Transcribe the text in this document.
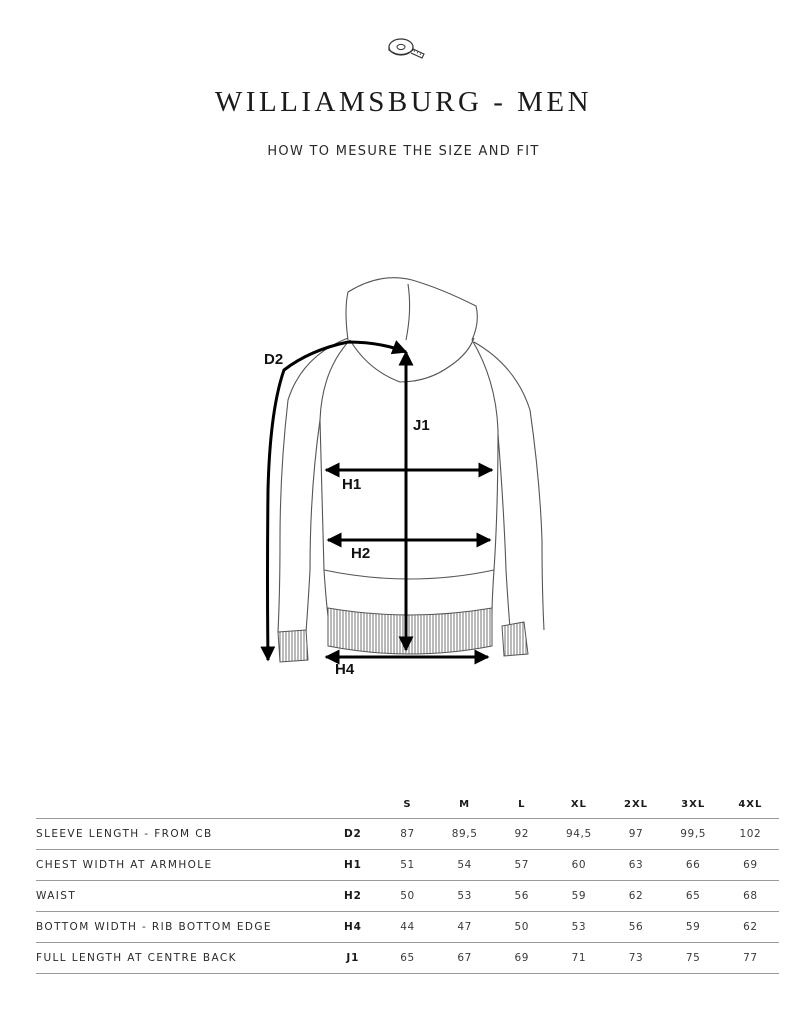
WILLIAMSBURG - MEN
HOW TO MESURE THE SIZE AND FIT
D2
J1
H1
H2
H4
		S	M	L	XL	2XL	3XL	4XL
SLEEVE LENGTH - FROM CB	D2	87	89,5	92	94,5	97	99,5	102
CHEST WIDTH AT ARMHOLE	H1	51	54	57	60	63	66	69
WAIST	H2	50	53	56	59	62	65	68
BOTTOM WIDTH - RIB BOTTOM EDGE	H4	44	47	50	53	56	59	62
FULL LENGTH AT CENTRE BACK	J1	65	67	69	71	73	75	77
